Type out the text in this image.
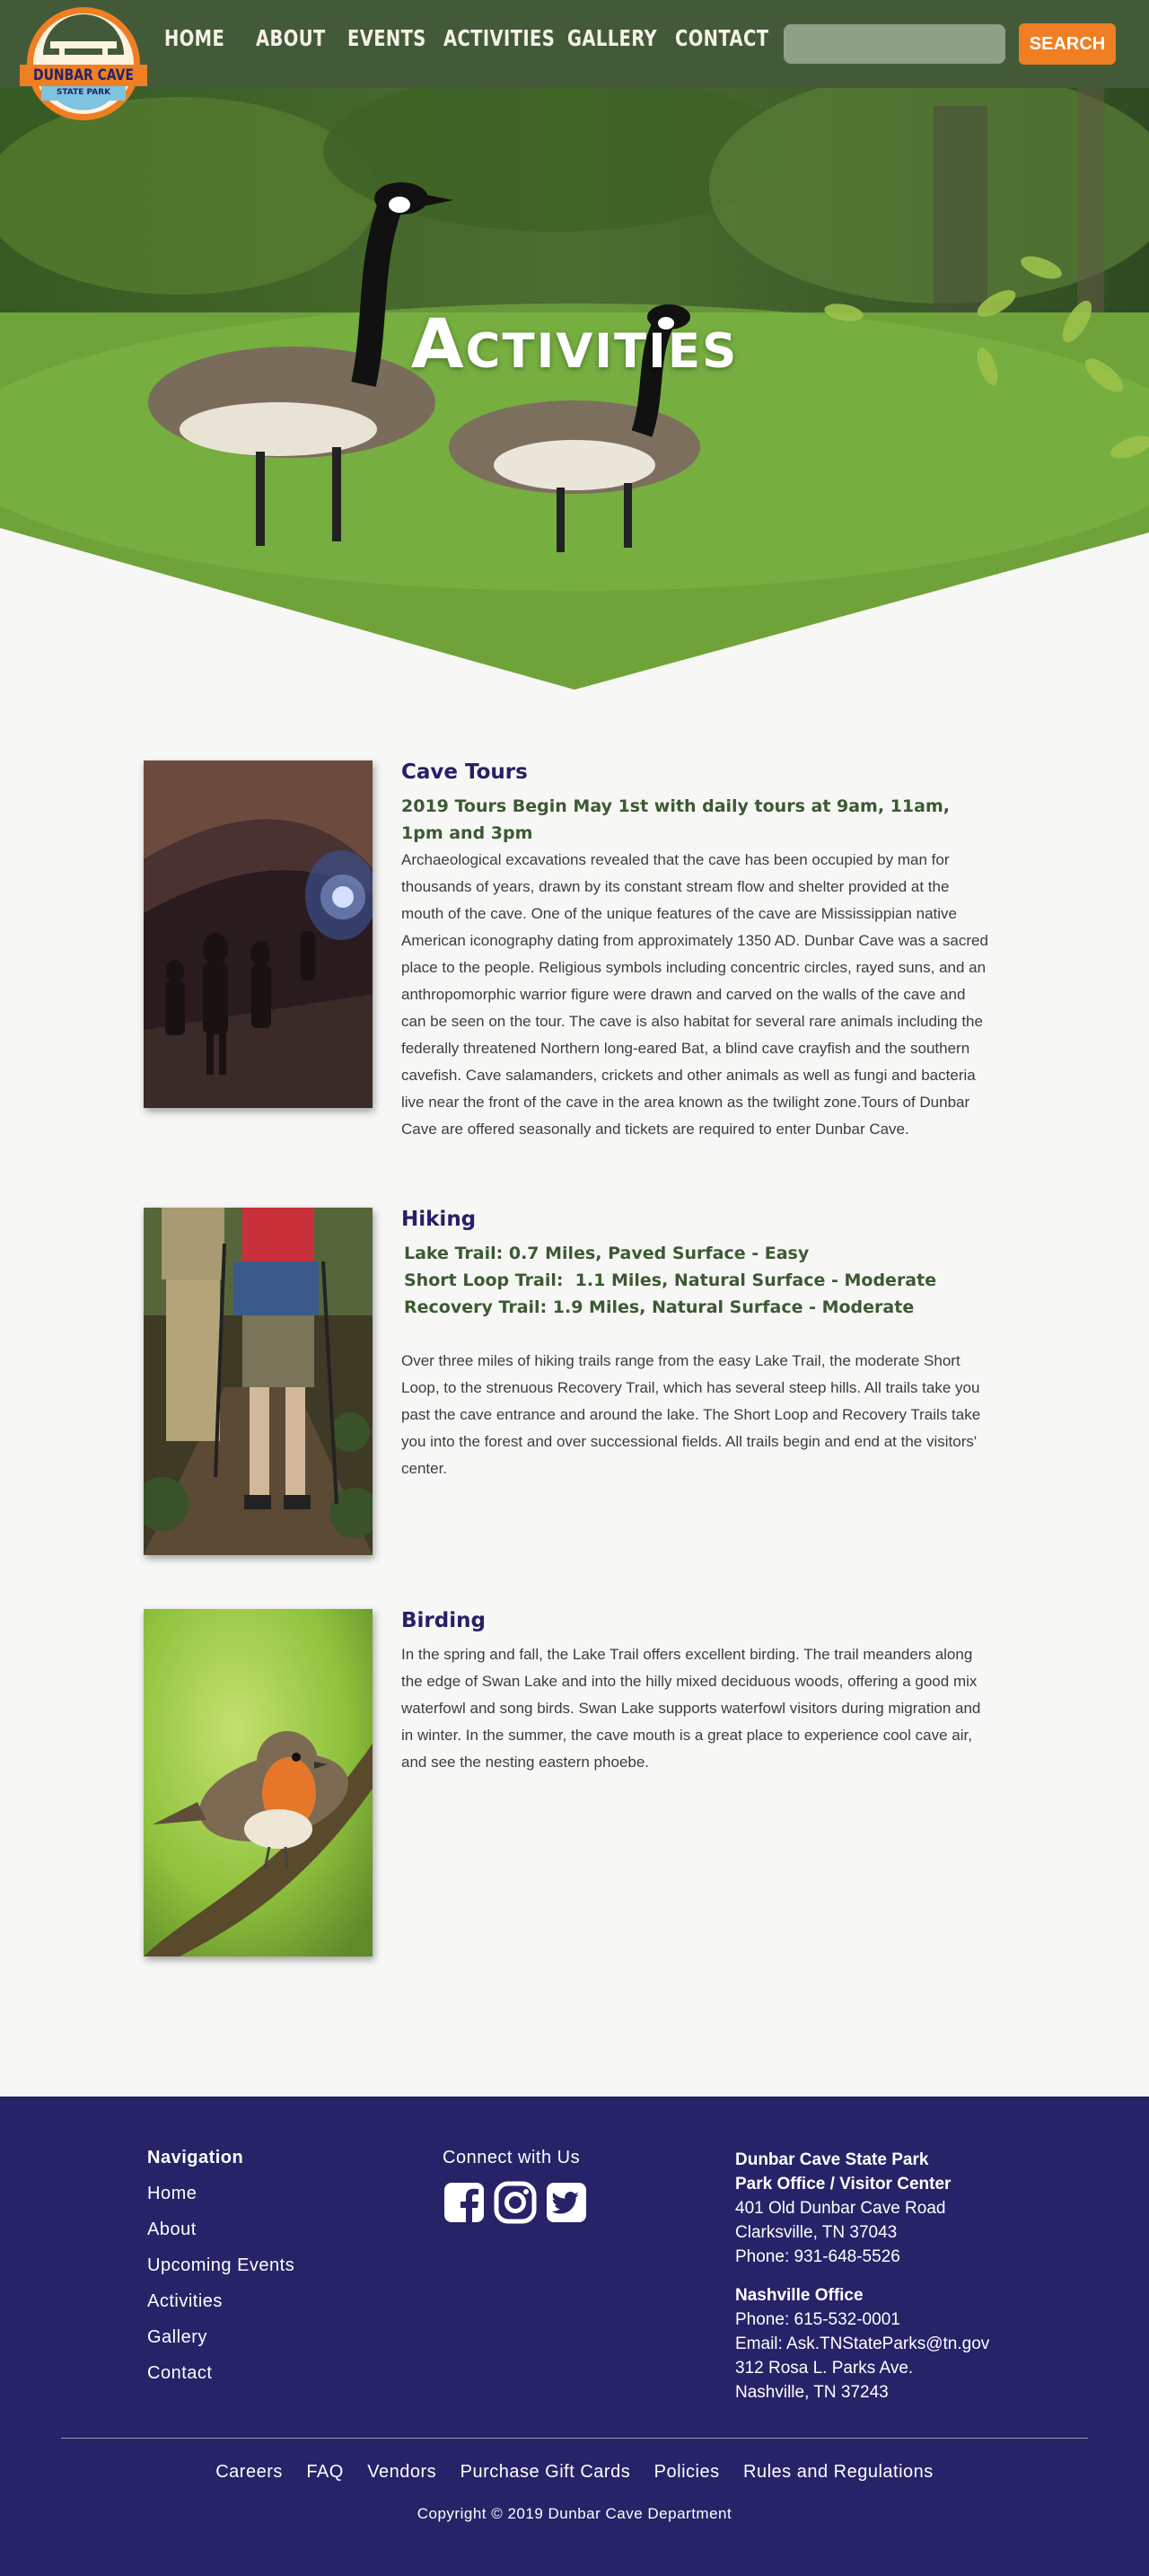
Activities
DUNBAR CAVE
STATE PARK
HOME ABOUT EVENTS ACTIVITIES GALLERY CONTACT	SEARCH
Cave Tours
2019 Tours Begin May 1st with daily tours at 9am, 11am, 1pm and 3pm
Archaeological excavations revealed that the cave has been occupied by man for thousands of years, drawn by its constant stream flow and shelter provided at the mouth of the cave. One of the unique features of the cave are Mississippian native American iconography dating from approximately 1350 AD. Dunbar Cave was a sacred place to the people. Religious symbols including concentric circles, rayed suns, and an anthropomorphic warrior figure were drawn and carved on the walls of the cave and can be seen on the tour. The cave is also habitat for several rare animals including the federally threatened Northern long-eared Bat, a blind cave crayfish and the southern cavefish. Cave salamanders, crickets and other animals as well as fungi and bacteria live near the front of the cave in the area known as the twilight zone.Tours of Dunbar Cave are offered seasonally and tickets are required to enter Dunbar Cave.
Hiking
Lake Trail: 0.7 Miles, Paved Surface - Easy
Short Loop Trail:  1.1 Miles, Natural Surface - Moderate
Recovery Trail: 1.9 Miles, Natural Surface - Moderate
Over three miles of hiking trails range from the easy Lake Trail, the moderate Short Loop, to the strenuous Recovery Trail, which has several steep hills. All trails take you past the cave entrance and around the lake. The Short Loop and Recovery Trails take you into the forest and over successional fields. All trails begin and end at the visitors' center.
Birding
In the spring and fall, the Lake Trail offers excellent birding. The trail meanders along the edge of Swan Lake and into the hilly mixed deciduous woods, offering a good mix waterfowl and song birds. Swan Lake supports waterfowl visitors during migration and in winter. In the summer, the cave mouth is a great place to experience cool cave air, and see the nesting eastern phoebe.
Navigation
Home
About
Upcoming Events
Activities
Gallery
Contact
Connect with Us	Dunbar Cave State Park
Park Office / Visitor Center
401 Old Dunbar Cave Road
Clarksville, TN 37043
Phone: 931-648-5526
Nashville Office
Phone: 615-532-0001
Email: Ask.TNStateParks@tn.gov
312 Rosa L. Parks Ave.
Nashville, TN 37243
Careers FAQ Vendors Purchase Gift Cards Policies Rules and Regulations
Copyright © 2019 Dunbar Cave Department
